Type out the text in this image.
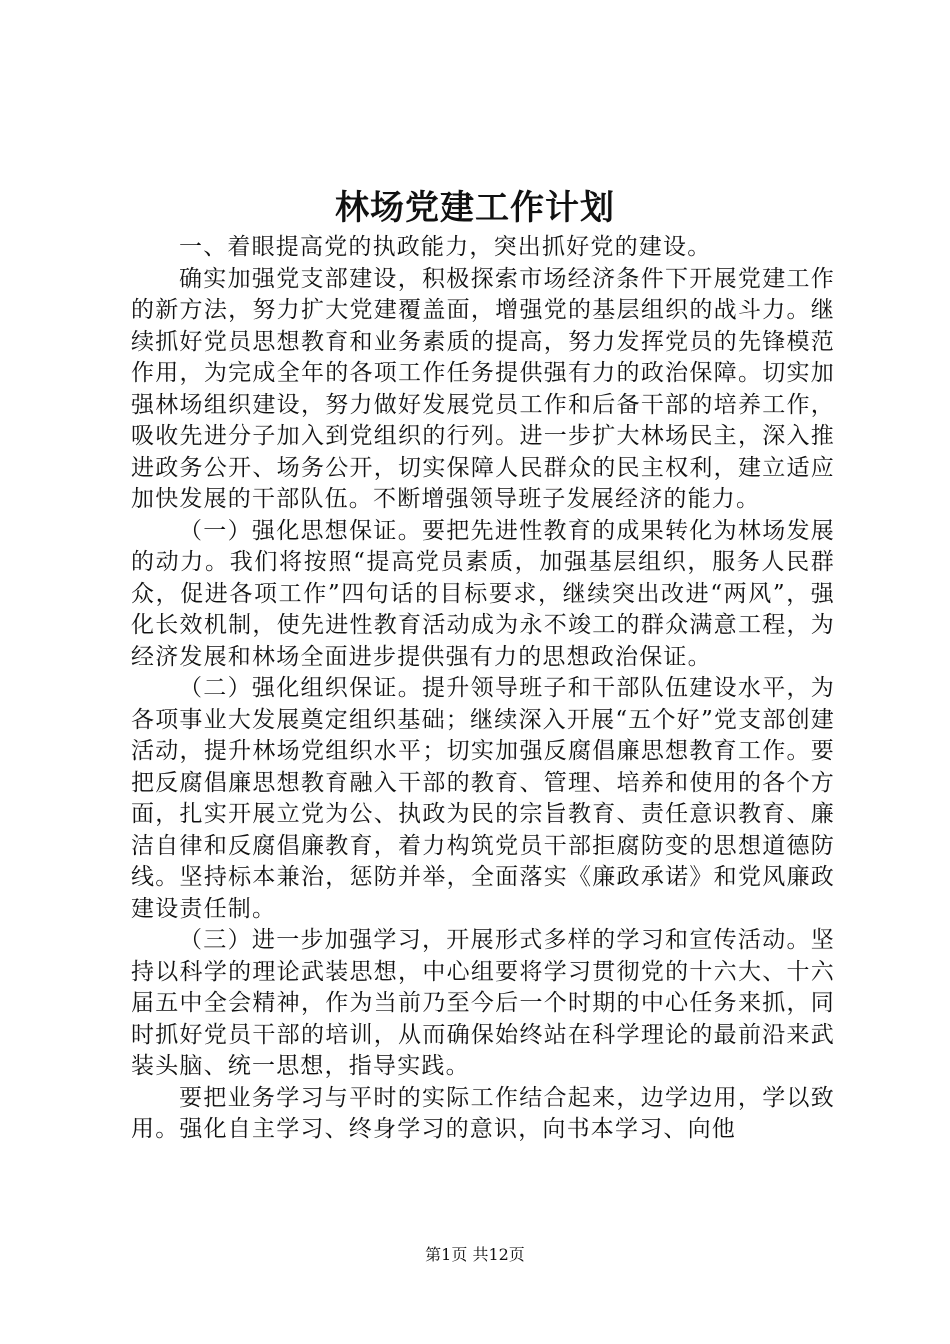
林场党建工作计划

一、着眼提高党的执政能力，突出抓好党的建设。

确实加强党支部建设，积极探索市场经济条件下开展党建工作的新方法，努力扩大党建覆盖面，增强党的基层组织的战斗力。继续抓好党员思想教育和业务素质的提高，努力发挥党员的先锋模范作用，为完成全年的各项工作任务提供强有力的政治保障。切实加强林场组织建设，努力做好发展党员工作和后备干部的培养工作，吸收先进分子加入到党组织的行列。进一步扩大林场民主，深入推进政务公开、场务公开，切实保障人民群众的民主权利，建立适应加快发展的干部队伍。不断增强领导班子发展经济的能力。

（一）强化思想保证。要把先进性教育的成果转化为林场发展的动力。我们将按照“提高党员素质，加强基层组织，服务人民群众，促进各项工作”四句话的目标要求，继续突出改进“两风”，强化长效机制，使先进性教育活动成为永不竣工的群众满意工程，为经济发展和林场全面进步提供强有力的思想政治保证。

（二）强化组织保证。提升领导班子和干部队伍建设水平，为各项事业大发展奠定组织基础；继续深入开展“五个好”党支部创建活动，提升林场党组织水平；切实加强反腐倡廉思想教育工作。要把反腐倡廉思想教育融入干部的教育、管理、培养和使用的各个方面，扎实开展立党为公、执政为民的宗旨教育、责任意识教育、廉洁自律和反腐倡廉教育，着力构筑党员干部拒腐防变的思想道德防线。坚持标本兼治，惩防并举，全面落实《廉政承诺》和党风廉政建设责任制。

（三）进一步加强学习，开展形式多样的学习和宣传活动。坚持以科学的理论武装思想，中心组要将学习贯彻党的十六大、十六届五中全会精神，作为当前乃至今后一个时期的中心任务来抓，同时抓好党员干部的培训，从而确保始终站在科学理论的最前沿来武装头脑、统一思想，指导实践。

要把业务学习与平时的实际工作结合起来，边学边用，学以致用。强化自主学习、终身学习的意识，向书本学习、向他

第1页 共12页
